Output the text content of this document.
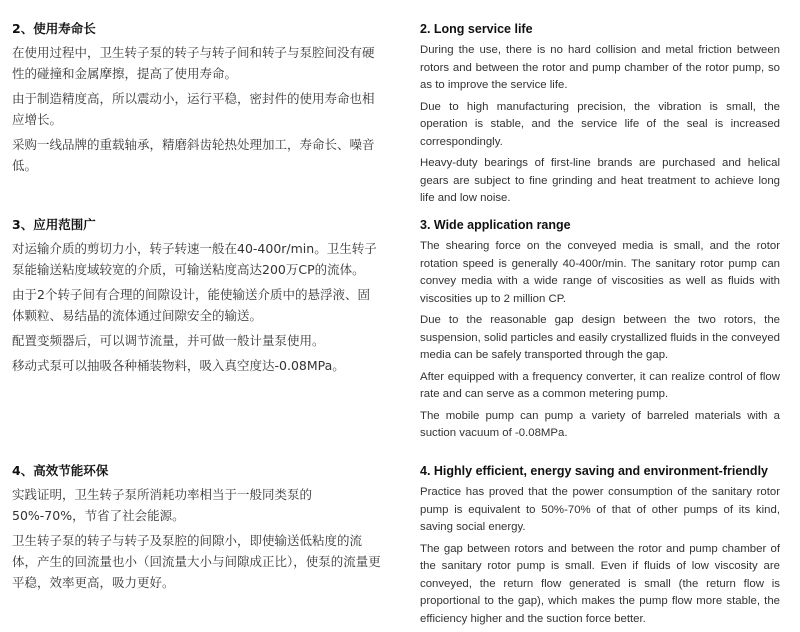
2、使用寿命长

在使用过程中，卫生转子泵的转子与转子间和转子与泵腔间没有硬性的碰撞和金属摩擦，提高了使用寿命。

由于制造精度高，所以震动小，运行平稳，密封件的使用寿命也相应增长。

采购一线品牌的重载轴承，精磨斜齿轮热处理加工，寿命长、噪音低。

3、应用范围广

对运输介质的剪切力小，转子转速一般在40-400r/min。卫生转子泵能输送粘度域较宽的介质，可输送粘度高达200万CP的流体。

由于2个转子间有合理的间隙设计，能使输送介质中的悬浮液、固体颗粒、易结晶的流体通过间隙安全的输送。

配置变频器后，可以调节流量，并可做一般计量泵使用。

移动式泵可以抽吸各种桶装物料，吸入真空度达-0.08MPa。

4、高效节能环保

实践证明，卫生转子泵所消耗功率相当于一般同类泵的50%-70%，节省了社会能源。

卫生转子泵的转子与转子及泵腔的间隙小，即使输送低粘度的流体，产生的回流量也小（回流量大小与间隙成正比），使泵的流量更平稳，效率更高，吸力更好。

2. Long service life

During the use, there is no hard collision and metal friction between rotors and between the rotor and pump chamber of the rotor pump, so as to improve the service life.

Due to high manufacturing precision, the vibration is small, the operation is stable, and the service life of the seal is increased correspondingly.

Heavy-duty bearings of first-line brands are purchased and helical gears are subject to fine grinding and heat treatment to achieve long life and low noise.

3. Wide application range

The shearing force on the conveyed media is small, and the rotor rotation speed is generally 40-400r/min. The sanitary rotor pump can convey media with a wide range of viscosities as well as fluids with viscosities up to 2 million CP.

Due to the reasonable gap design between the two rotors, the suspension, solid particles and easily crystallized fluids in the conveyed media can be safely transported through the gap.

After equipped with a frequency converter, it can realize control of flow rate and can serve as a common metering pump.

The mobile pump can pump a variety of barreled materials with a suction vacuum of -0.08MPa.

4. Highly efficient, energy saving and environment-friendly

Practice has proved that the power consumption of the sanitary rotor pump is equivalent to 50%-70% of that of other pumps of its kind, saving social energy.

The gap between rotors and between the rotor and pump chamber of the sanitary rotor pump is small. Even if fluids of low viscosity are conveyed, the return flow generated is small (the return flow is proportional to the gap), which makes the pump flow more stable, the efficiency higher and the suction force better.
